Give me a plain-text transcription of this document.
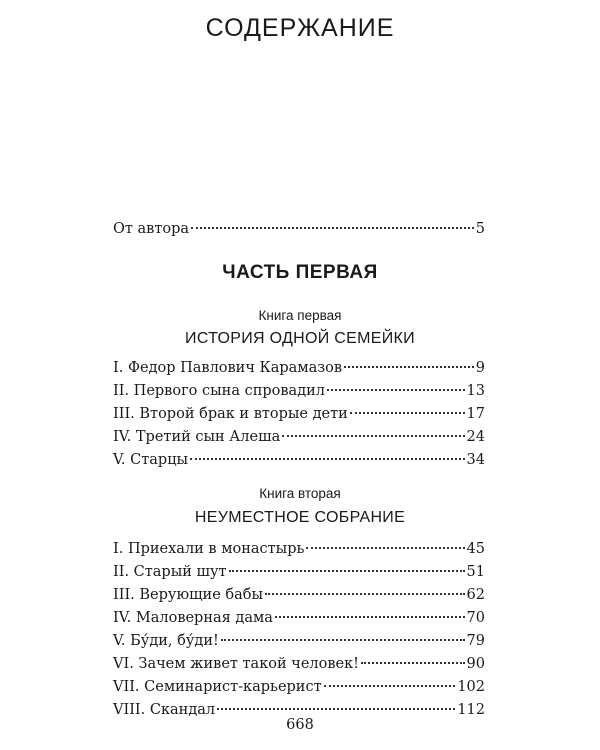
СОДЕРЖАНИЕ
От автора	5
ЧАСТЬ ПЕРВАЯ
Книга первая
ИСТОРИЯ ОДНОЙ СЕМЕЙКИ
I. Федор Павлович Карамазов	9
II. Первого сына спровадил	13
III. Второй брак и вторые дети	17
IV. Третий сын Алеша	24
V. Старцы	34
Книга вторая
НЕУМЕСТНОЕ СОБРАНИЕ
I. Приехали в монастырь	45
II. Старый шут	51
III. Верующие бабы	62
IV. Маловерная дама	70
V. Бу́ди, бу́ди!	79
VI. Зачем живет такой человек!	90
VII. Семинарист-карьерист	102
VIII. Скандал	112
668
